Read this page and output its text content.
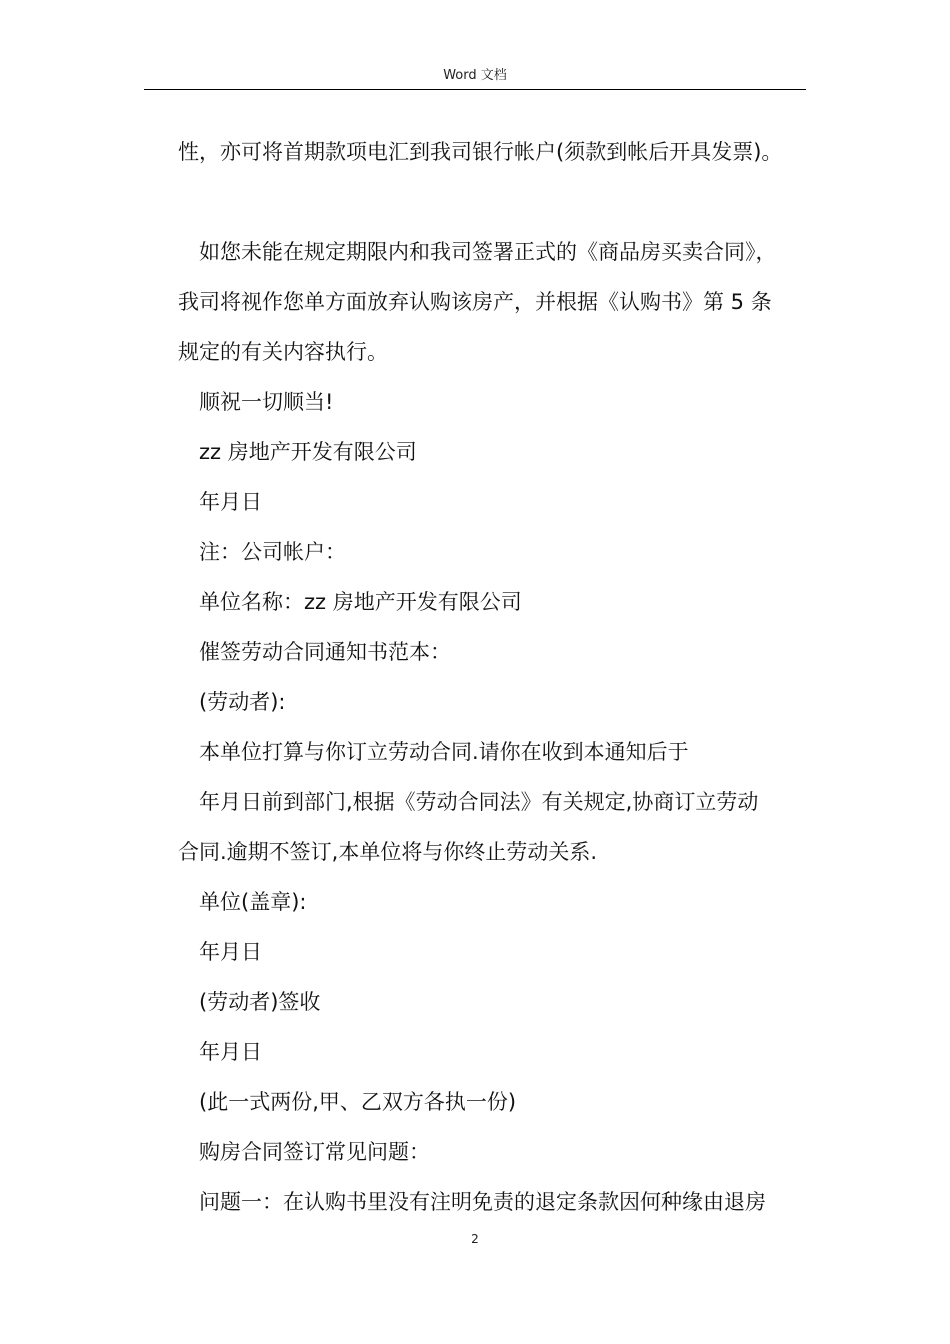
Word 文档

性，亦可将首期款项电汇到我司银行帐户(须款到帐后开具发票)。

如您未能在规定期限内和我司签署正式的《商品房买卖合同》，

我司将视作您单方面放弃认购该房产，并根据《认购书》第 5 条

规定的有关内容执行。

顺祝一切顺当!

zz 房地产开发有限公司

年月日

注：公司帐户：

单位名称：zz 房地产开发有限公司

催签劳动合同通知书范本：

(劳动者):

本单位打算与你订立劳动合同.请你在收到本通知后于

年月日前到部门,根据《劳动合同法》有关规定,协商订立劳动

合同.逾期不签订,本单位将与你终止劳动关系.

单位(盖章):

年月日

(劳动者)签收

年月日

(此一式两份,甲、乙双方各执一份)

购房合同签订常见问题：

问题一：在认购书里没有注明免责的退定条款因何种缘由退房

2
